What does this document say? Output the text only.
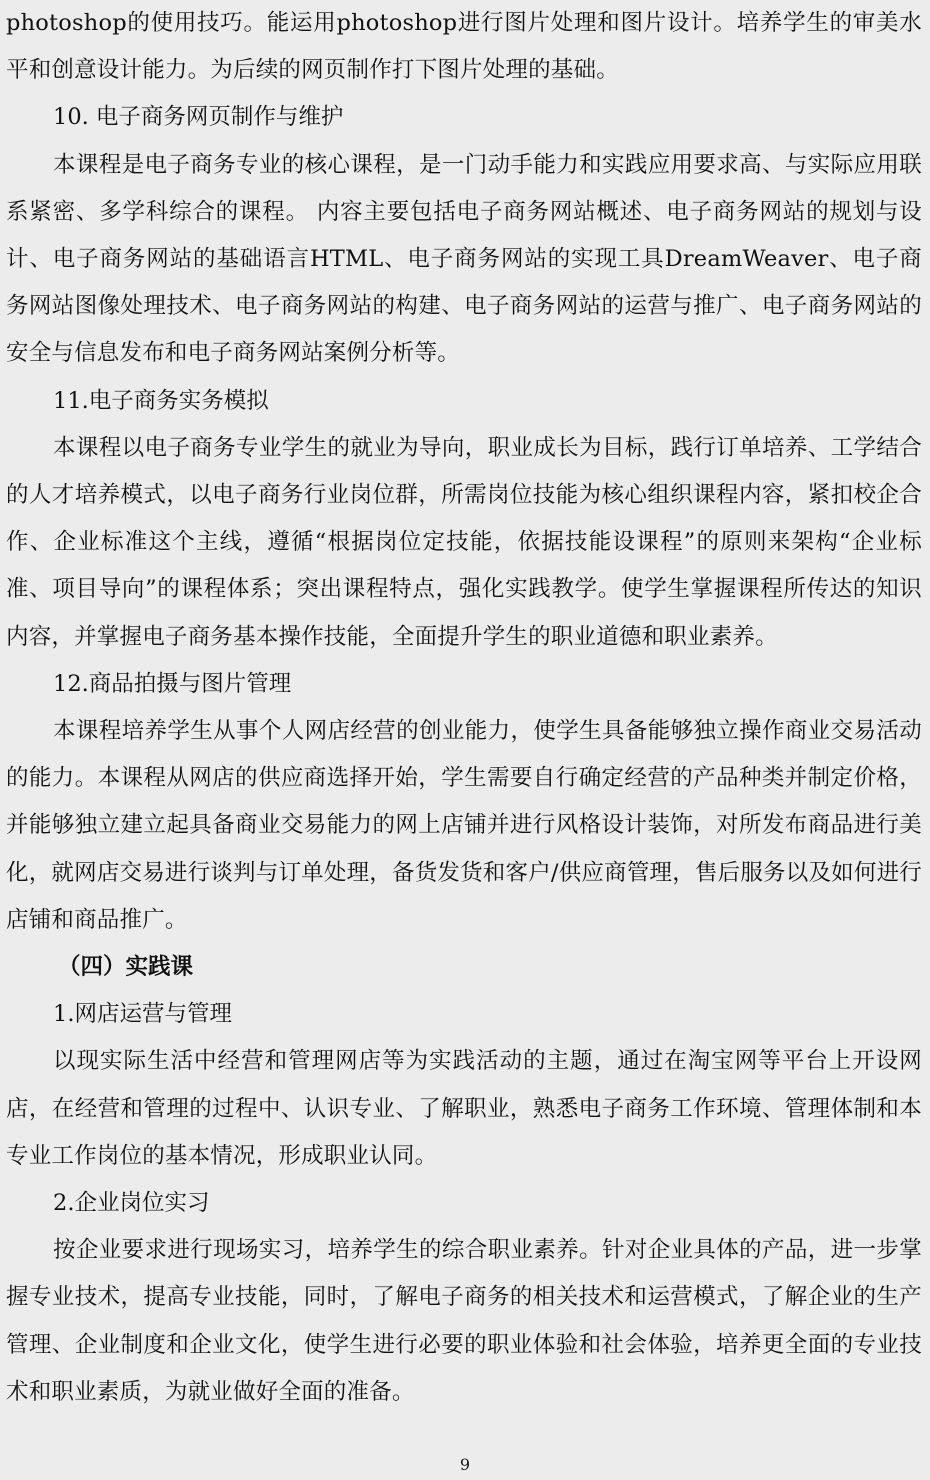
photoshop的使用技巧。能运用photoshop进行图片处理和图片设计。培养学生的审美水平和创意设计能力。为后续的网页制作打下图片处理的基础。

10. 电子商务网页制作与维护

本课程是电子商务专业的核心课程，是一门动手能力和实践应用要求高、与实际应用联系紧密、多学科综合的课程。 内容主要包括电子商务网站概述、电子商务网站的规划与设计、电子商务网站的基础语言HTML、电子商务网站的实现工具DreamWeaver、电子商务网站图像处理技术、电子商务网站的构建、电子商务网站的运营与推广、电子商务网站的安全与信息发布和电子商务网站案例分析等。

11.电子商务实务模拟

本课程以电子商务专业学生的就业为导向，职业成长为目标，践行订单培养、工学结合的人才培养模式，以电子商务行业岗位群，所需岗位技能为核心组织课程内容，紧扣校企合作、企业标准这个主线，遵循“根据岗位定技能，依据技能设课程”的原则来架构“企业标准、项目导向”的课程体系；突出课程特点，强化实践教学。使学生掌握课程所传达的知识内容，并掌握电子商务基本操作技能，全面提升学生的职业道德和职业素养。

12.商品拍摄与图片管理

本课程培养学生从事个人网店经营的创业能力，使学生具备能够独立操作商业交易活动的能力。本课程从网店的供应商选择开始，学生需要自行确定经营的产品种类并制定价格，并能够独立建立起具备商业交易能力的网上店铺并进行风格设计装饰，对所发布商品进行美化，就网店交易进行谈判与订单处理，备货发货和客户/供应商管理，售后服务以及如何进行店铺和商品推广。

（四）实践课

1.网店运营与管理

以现实际生活中经营和管理网店等为实践活动的主题，通过在淘宝网等平台上开设网店，在经营和管理的过程中、认识专业、了解职业，熟悉电子商务工作环境、管理体制和本专业工作岗位的基本情况，形成职业认同。

2.企业岗位实习

按企业要求进行现场实习，培养学生的综合职业素养。针对企业具体的产品，进一步掌握专业技术，提高专业技能，同时，了解电子商务的相关技术和运营模式，了解企业的生产管理、企业制度和企业文化，使学生进行必要的职业体验和社会体验，培养更全面的专业技术和职业素质，为就业做好全面的准备。

9
